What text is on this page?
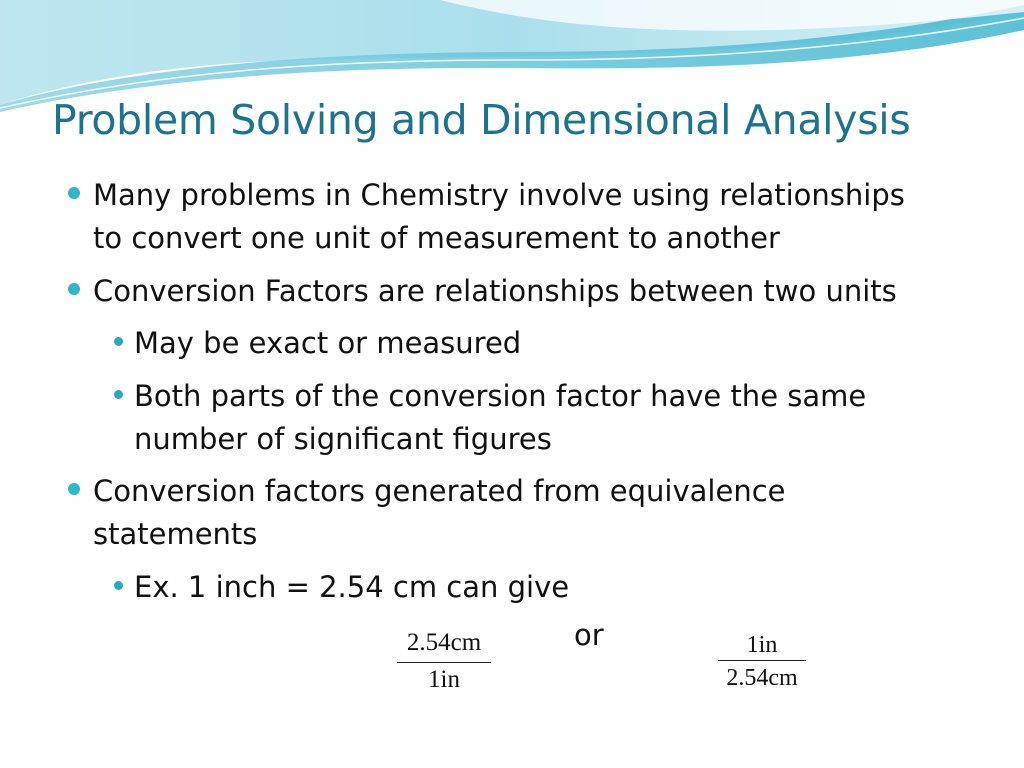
Problem Solving and Dimensional Analysis
Many problems in Chemistry involve using relationships
to convert one unit of measurement to another
Conversion Factors are relationships between two units
May be exact or measured
Both parts of the conversion factor have the same
number of significant figures
Conversion factors generated from equivalence
statements
Ex. 1 inch = 2.54 cm can give
2.54cm
1in
or	1in
2.54cm
